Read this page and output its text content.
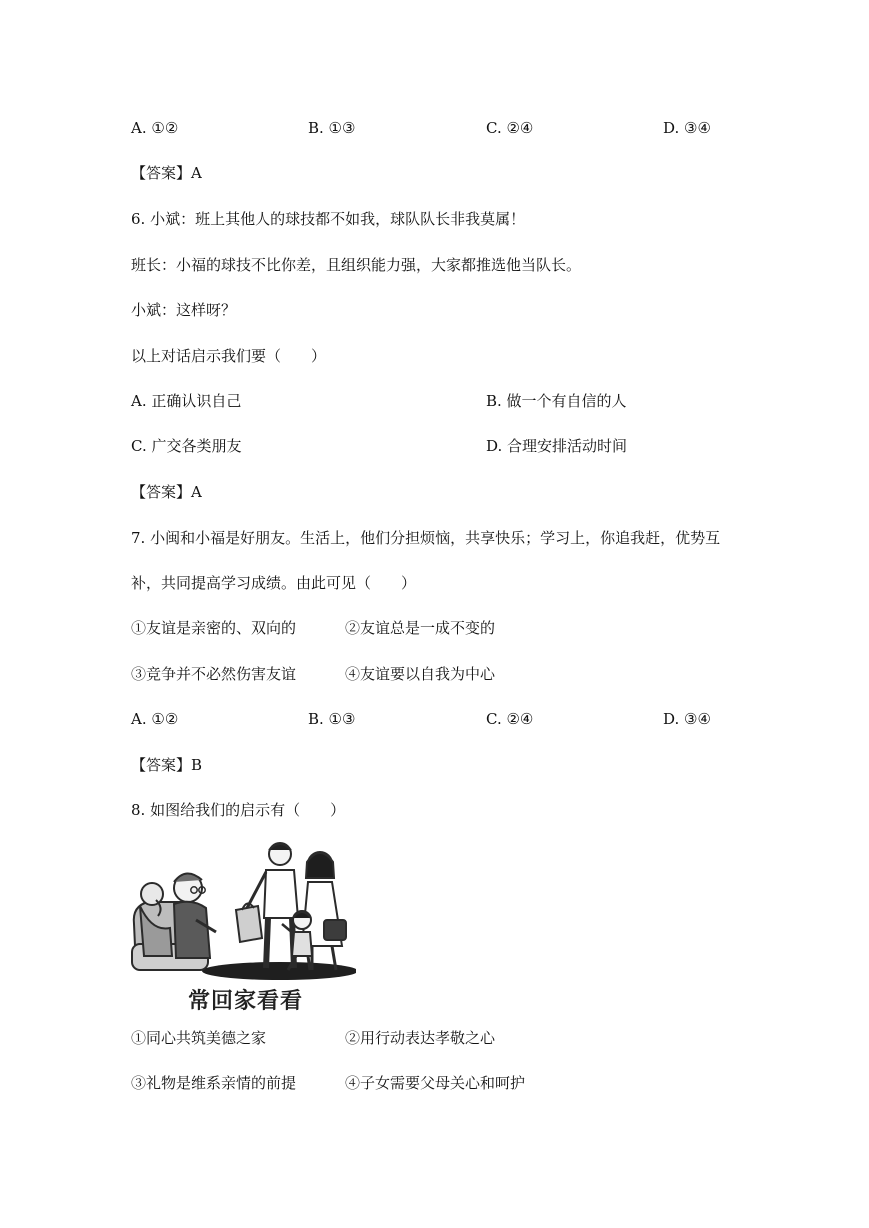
A. ①②	B. ①③	C. ②④	D. ③④
【答案】A
6. 小斌：班上其他人的球技都不如我，球队队长非我莫属！
班长：小福的球技不比你差，且组织能力强，大家都推选他当队长。
小斌：这样呀？
以上对话启示我们要（　　）
A. 正确认识自己	B. 做一个有自信的人
C. 广交各类朋友	D. 合理安排活动时间
【答案】A
7. 小闽和小福是好朋友。生活上，他们分担烦恼，共享快乐；学习上，你追我赶，优势互
补，共同提高学习成绩。由此可见（　　）
①友谊是亲密的、双向的	②友谊总是一成不变的
③竞争并不必然伤害友谊	④友谊要以自我为中心
A. ①②	B. ①③	C. ②④	D. ③④
【答案】B
8. 如图给我们的启示有（　　）
常回家看看
①同心共筑美德之家	②用行动表达孝敬之心
③礼物是维系亲情的前提	④子女需要父母关心和呵护
